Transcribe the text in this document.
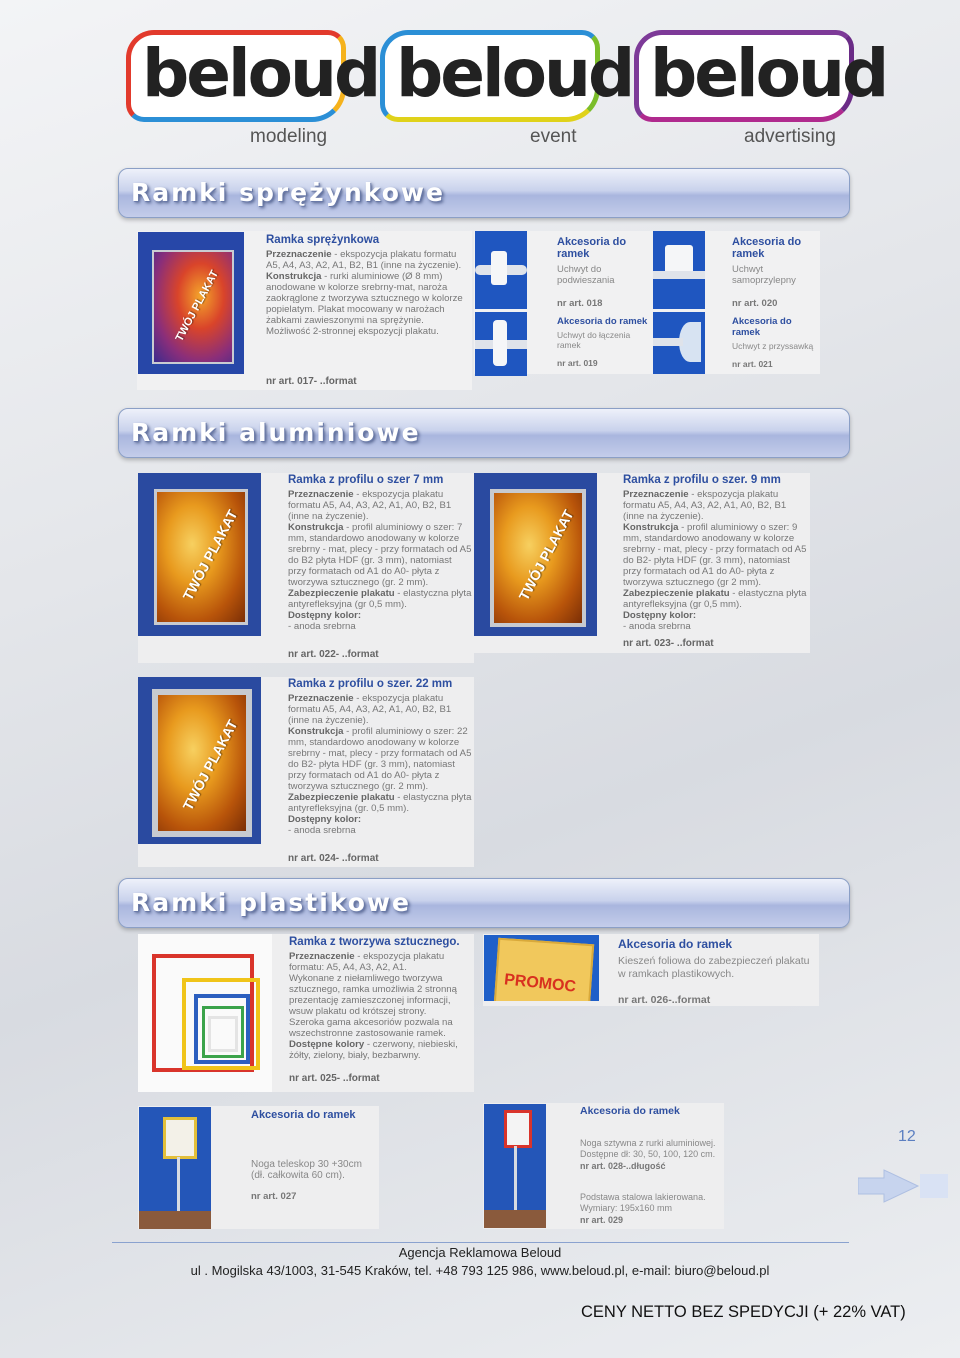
beloud
modeling
beloud
event
beloud
advertising
Ramki sprężynkowe
TWÓJ PLAKAT
Ramka sprężynkowa
Przeznaczenie - ekspozycja plakatu formatu A5, A4, A3, A2, A1, B2, B1 (inne na życzenie).
Konstrukcja - rurki aluminiowe (Ø 8 mm) anodowane w kolorze srebrny-mat, naroża zaokrąglone z tworzywa sztucznego w kolorze popielatym. Plakat mocowany w narożach żabkami zawieszonymi na sprężynie.
Możliwość 2-stronnej ekspozycji plakatu.
nr art. 017- ..format
Akcesoria do ramek
Uchwyt do podwieszania
nr art. 018
Akcesoria do ramek
Uchwyt do łączenia ramek
nr art. 019
Akcesoria do ramek
Uchwyt samoprzylepny
nr art. 020
Akcesoria do ramek
Uchwyt z przyssawką
nr art. 021
Ramki aluminiowe
TWÓJ PLAKAT
Ramka z profilu o szer 7 mm
Przeznaczenie - ekspozycja plakatu formatu A5, A4, A3, A2, A1, A0, B2, B1 (inne na życzenie).
Konstrukcja - profil aluminiowy o szer: 7 mm, standardowo anodowany w kolorze srebrny - mat, plecy - przy formatach od A5 do B2 płyta HDF (gr. 3 mm), natomiast przy formatach od A1 do A0- płyta z tworzywa sztucznego (gr. 2 mm).
Zabezpieczenie plakatu - elastyczna płyta antyrefleksyjna (gr 0,5 mm).
Dostępny kolor:
- anoda srebrna
nr art. 022- ..format
TWÓJ PLAKAT
Ramka z profilu o szer. 9 mm
Przeznaczenie - ekspozycja plakatu formatu A5, A4, A3, A2, A1, A0, B2, B1 (inne na życzenie).
Konstrukcja - profil aluminiowy o szer: 9 mm, standardowo anodowany w kolorze srebrny - mat, plecy - przy formatach od A5 do B2- płyta HDF (gr. 3 mm), natomiast przy formatach od A1 do A0- płyta z tworzywa sztucznego (gr 2 mm).
Zabezpieczenie plakatu - elastyczna płyta antyrefleksyjna (gr 0,5 mm).
Dostępny kolor:
- anoda srebrna
nr art. 023- ..format
TWÓJ PLAKAT
Ramka z profilu o szer. 22 mm
Przeznaczenie - ekspozycja plakatu formatu A5, A4, A3, A2, A1, A0, B2, B1 (inne na życzenie).
Konstrukcja - profil aluminiowy o szer: 22 mm, standardowo anodowany w kolorze srebrny - mat, plecy - przy formatach od A5 do B2- płyta HDF (gr. 3 mm), natomiast przy formatach od A1 do A0- płyta z tworzywa sztucznego (gr. 2 mm).
Zabezpieczenie plakatu - elastyczna płyta antyrefleksyjna (gr. 0,5 mm).
Dostępny kolor:
- anoda srebrna
nr art. 024- ..format
Ramki plastikowe
Ramka z tworzywa sztucznego.
Przeznaczenie - ekspozycja plakatu formatu: A5, A4, A3, A2, A1.
Wykonane z niełamliwego tworzywa sztucznego, ramka umożliwia 2 stronną prezentację zamieszczonej informacji, wsuw plakatu od krótszej strony.
Szeroka gama akcesoriów pozwala na wszechstronne zastosowanie ramek.
Dostępne kolory - czerwony, niebieski, żółty, zielony, biały, bezbarwny.
nr art. 025- ..format
PROMOC
Akcesoria do ramek
Kieszeń foliowa do zabezpieczeń plakatu w ramkach plastikowych.
nr art. 026-..format
Akcesoria do ramek
Noga teleskop 30 +30cm (dł. całkowita 60 cm).
nr art. 027
Akcesoria do ramek
Noga sztywna z rurki aluminiowej. Dostępne dł: 30, 50, 100, 120 cm.
nr art. 028-..długość
Podstawa stalowa lakierowana. Wymiary: 195x160 mm
nr art. 029
12
Agencja Reklamowa Beloud
ul . Mogilska 43/1003, 31-545 Kraków, tel. +48 793 125 986, www.beloud.pl, e-mail: biuro@beloud.pl
CENY NETTO BEZ SPEDYCJI (+ 22% VAT)
